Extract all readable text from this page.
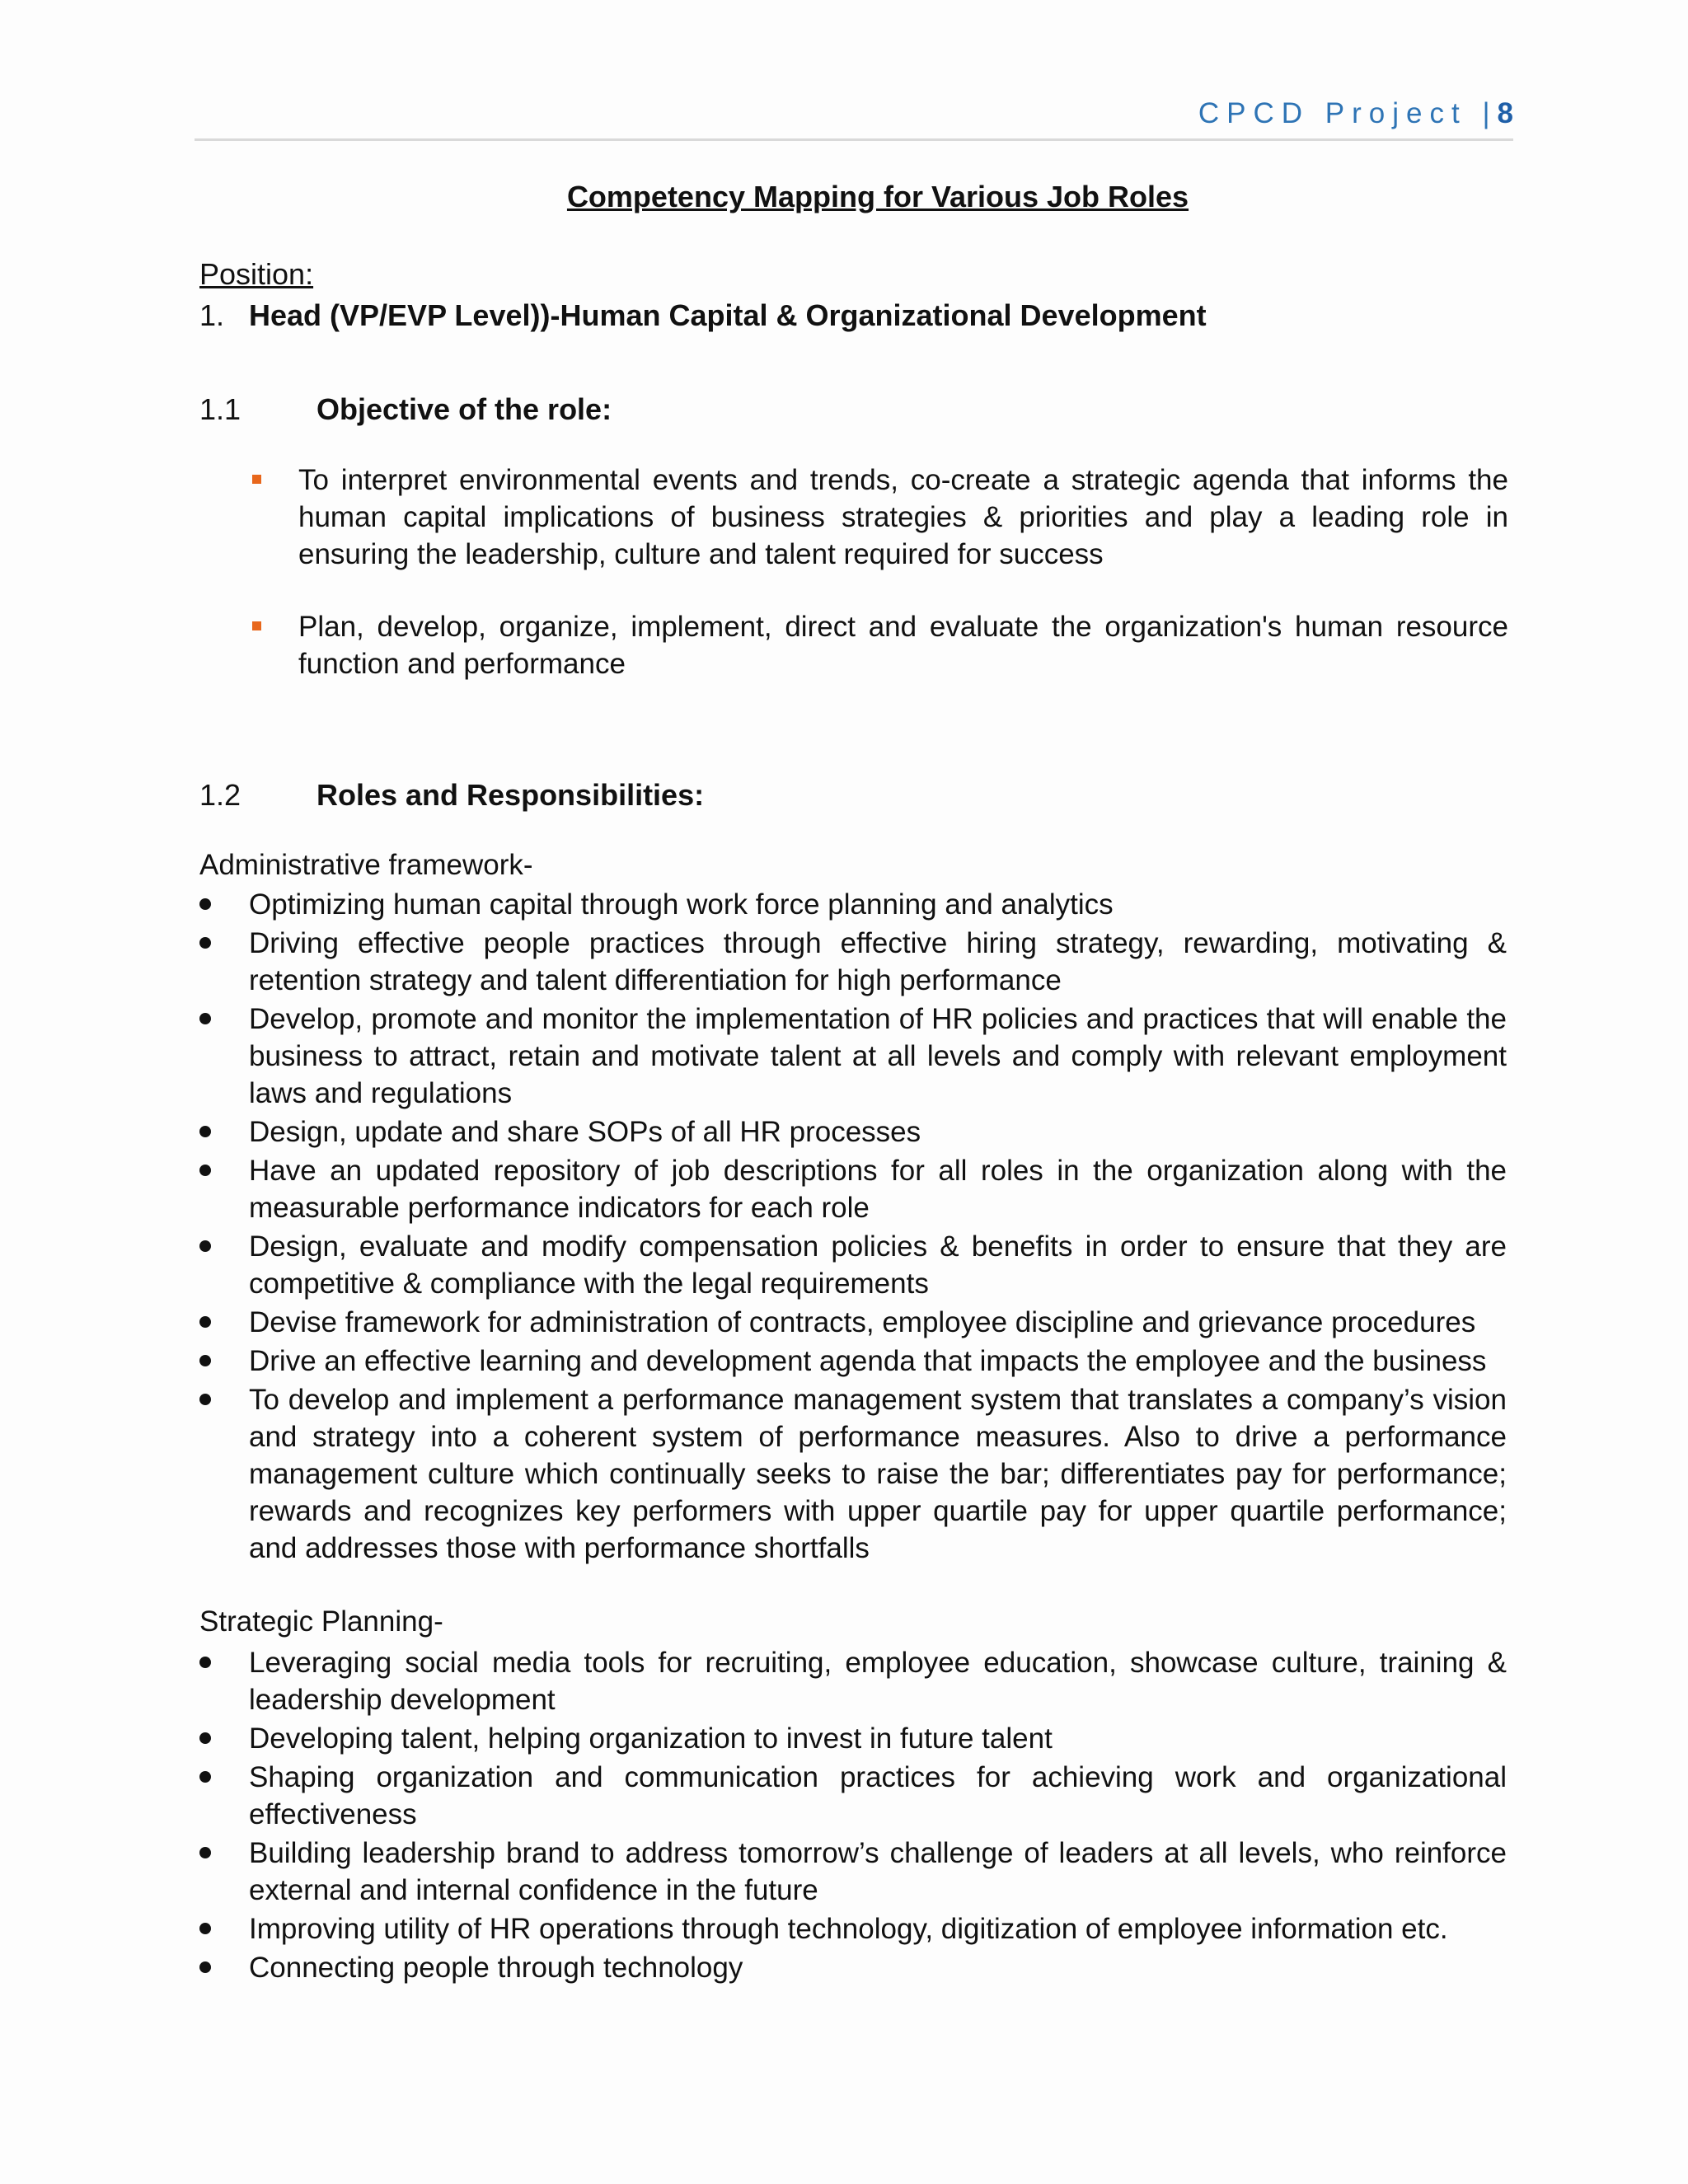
CPCD Project |8
Competency Mapping for Various Job Roles
Position:
1. Head (VP/EVP Level))-Human Capital & Organizational Development
1.1	Objective of the role:
To interpret environmental events and trends, co-create a strategic agenda that informs the human capital implications of business strategies & priorities and play a leading role in ensuring the leadership, culture and talent required for success
Plan, develop, organize, implement, direct and evaluate the organization's human resource function and performance
1.2	Roles and Responsibilities:
Administrative framework-
Optimizing human capital through work force planning and analytics
Driving effective people practices through effective hiring strategy, rewarding, motivating & retention strategy and talent differentiation for high performance
Develop, promote and monitor the implementation of HR policies and practices that will enable the business to attract, retain and motivate talent at all levels and comply with relevant employment laws and regulations
Design, update and share SOPs of all HR processes
Have an updated repository of job descriptions for all roles in the organization along with the measurable performance indicators for each role
Design, evaluate and modify compensation policies & benefits in order to ensure that they are competitive & compliance with the legal requirements
Devise framework for administration of contracts, employee discipline and grievance procedures
Drive an effective learning and development agenda that impacts the employee and the business
To develop and implement a performance management system that translates a company’s vision and strategy into a coherent system of performance measures. Also to drive a performance management culture which continually seeks to raise the bar; differentiates pay for performance; rewards and recognizes key performers with upper quartile pay for upper quartile performance; and addresses those with performance shortfalls
Strategic Planning-
Leveraging social media tools for recruiting, employee education, showcase culture, training & leadership development
Developing talent, helping organization to invest in future talent
Shaping organization and communication practices for achieving work and organizational effectiveness
Building leadership brand to address tomorrow’s challenge of leaders at all levels, who reinforce external and internal confidence in the future
Improving utility of HR operations through technology, digitization of employee information etc.
Connecting people through technology
